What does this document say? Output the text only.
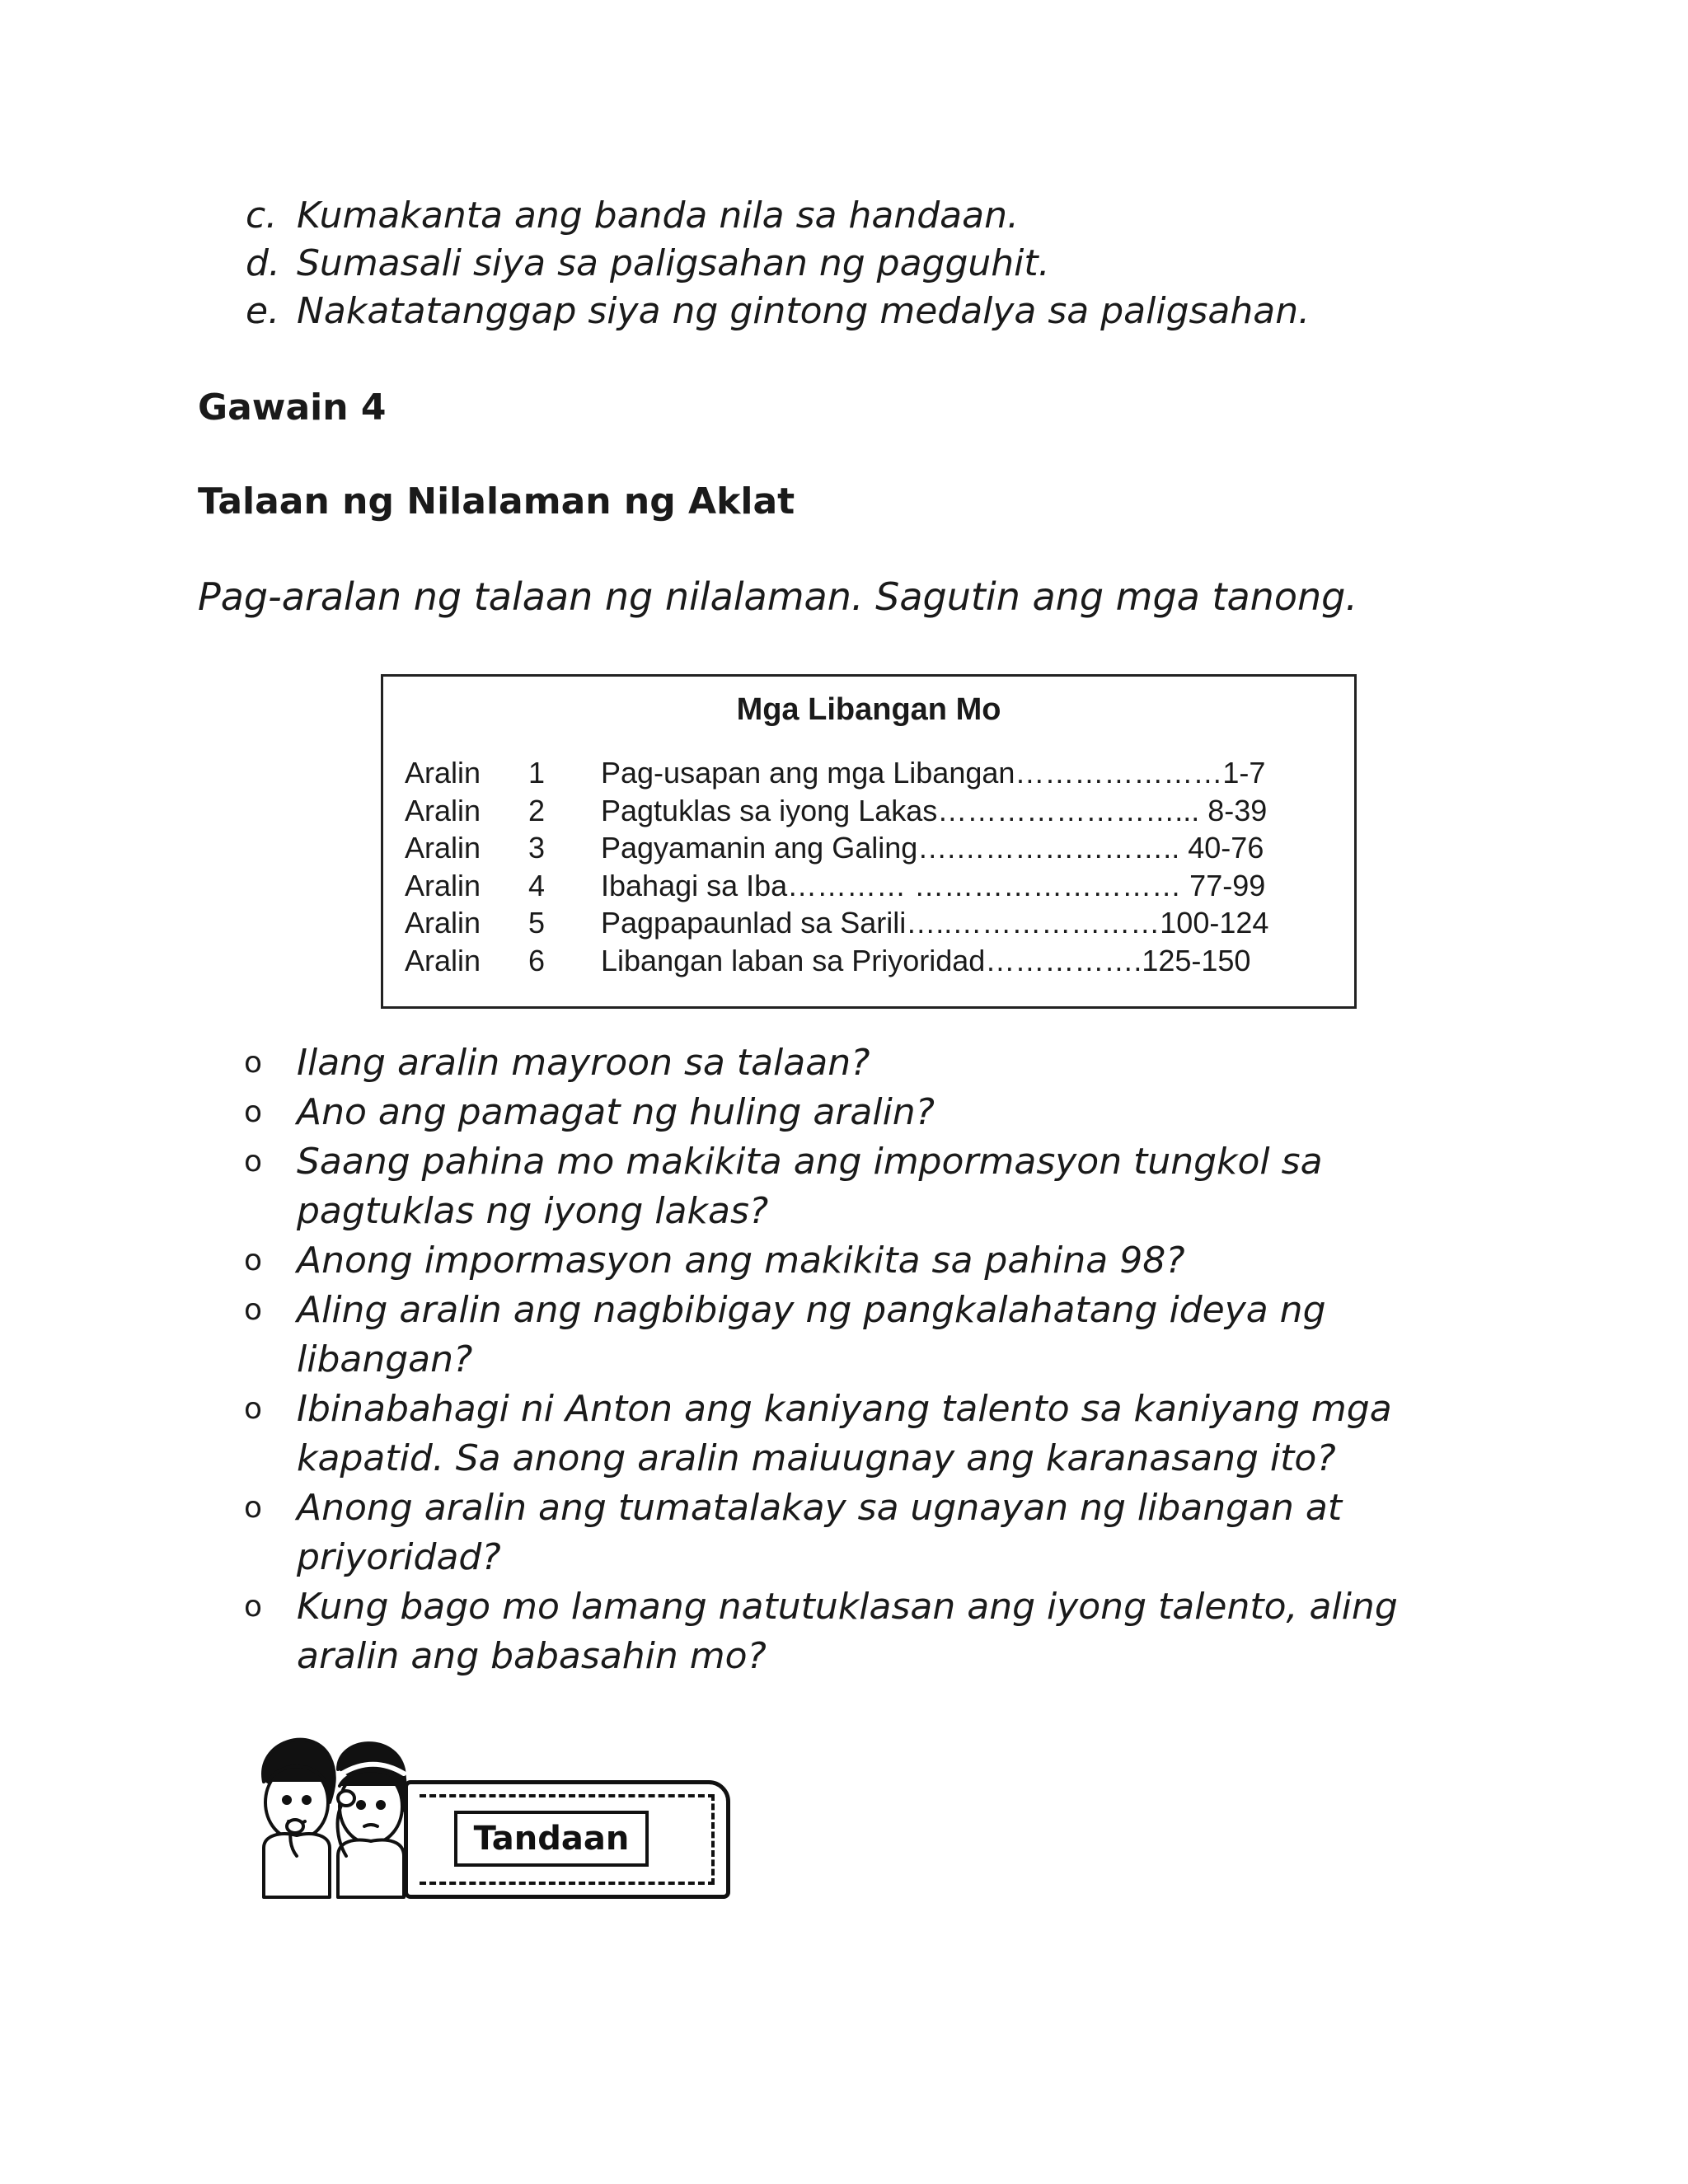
c. Kumakanta ang banda nila sa handaan.
d. Sumasali siya sa paligsahan ng pagguhit.
e. Nakatatanggap siya ng gintong medalya sa paligsahan.
Gawain 4
Talaan ng Nilalaman ng Aklat
Pag-aralan ng talaan ng nilalaman. Sagutin ang mga tanong.
Mga Libangan Mo
Aralin 1 Pag-usapan ang mga Libangan…………………1-7
Aralin 2 Pagtuklas sa iyong Lakas……………………... 8-39
Aralin 3 Pagyamanin ang Galing….………………….. 40-76
Aralin 4 Ibahagi sa Iba………… ……………………… 77-99
Aralin 5 Pagpapaunlad sa Sarili…..…………………100-124
Aralin 6 Libangan laban sa Priyoridad…………….125-150
o Ilang aralin mayroon sa talaan?
o Ano ang pamagat ng huling aralin?
o Saang pahina mo makikita ang impormasyon tungkol sa pagtuklas ng iyong lakas?
o Anong impormasyon ang makikita sa pahina 98?
o Aling aralin ang nagbibigay ng pangkalahatang ideya ng libangan?
o Ibinabahagi ni Anton ang kaniyang talento sa kaniyang mga kapatid. Sa anong aralin maiuugnay ang karanasang ito?
o Anong aralin ang tumatalakay sa ugnayan ng libangan at priyoridad?
o Kung bago mo lamang natutuklasan ang iyong talento, aling aralin ang babasahin mo?
Tandaan
